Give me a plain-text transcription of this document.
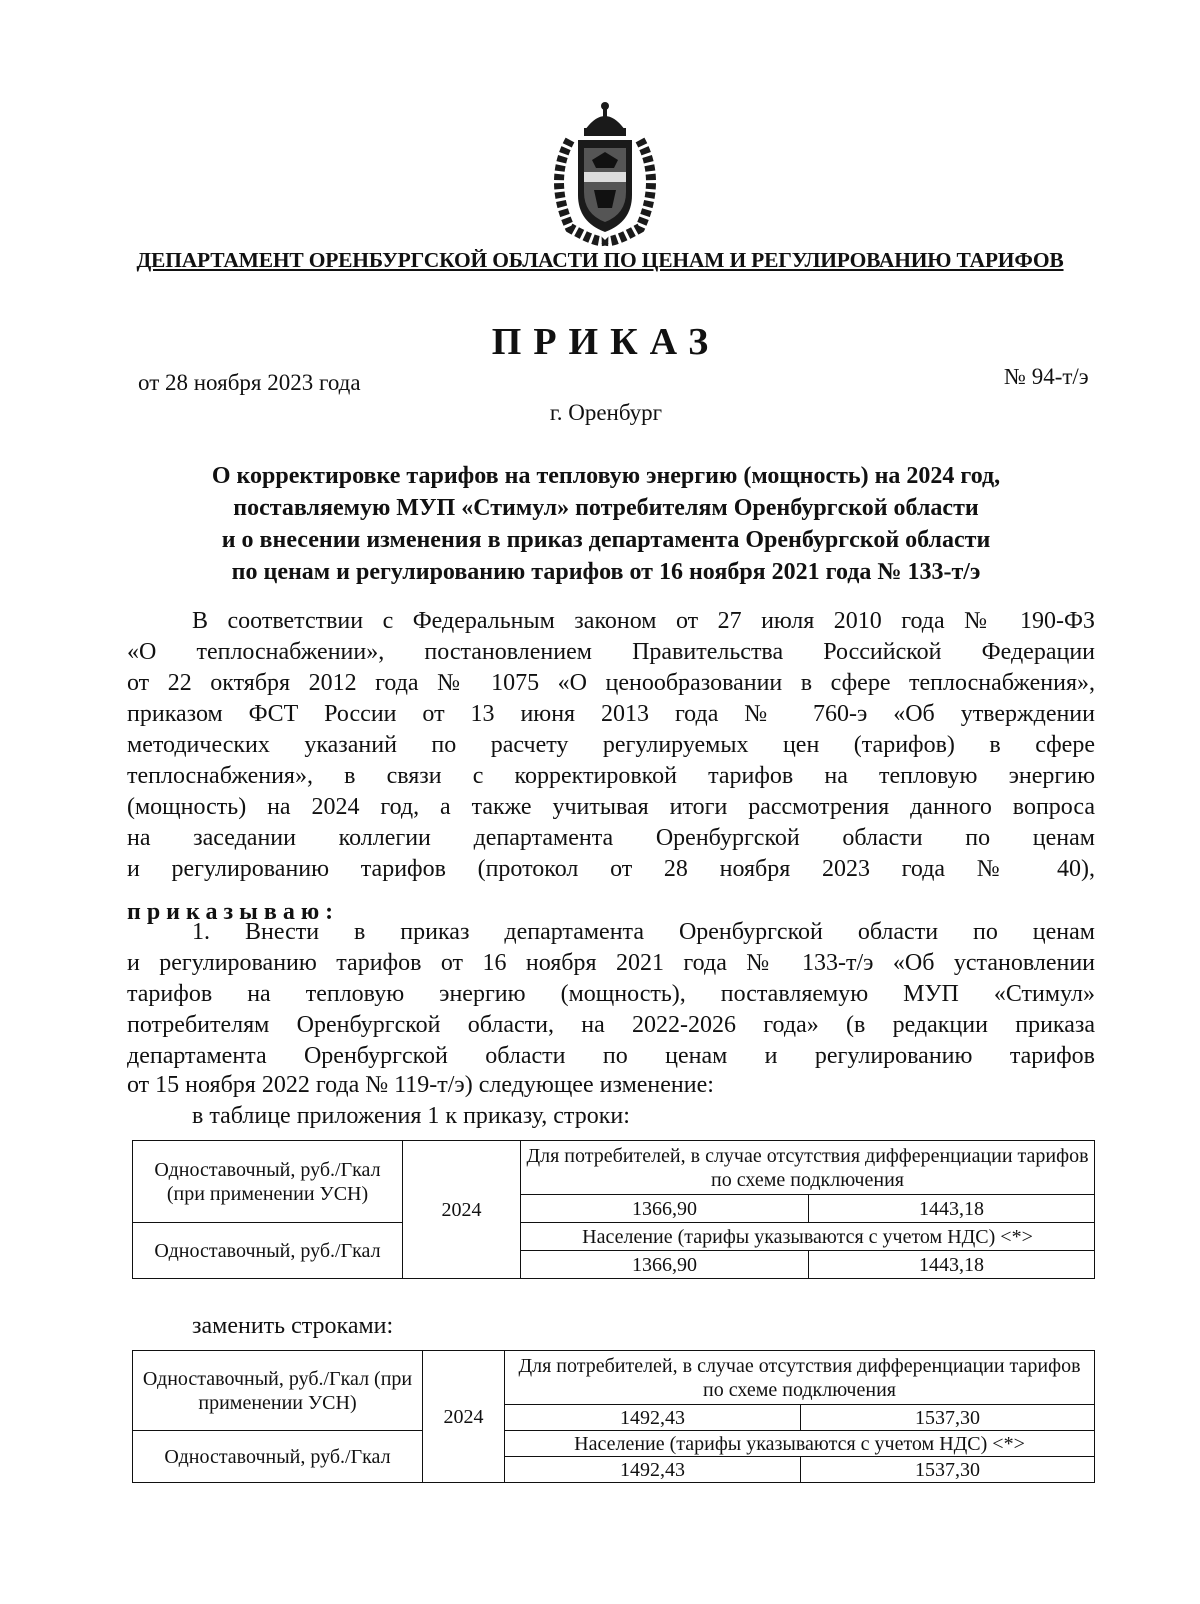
ДЕПАРТАМЕНТ ОРЕНБУРГСКОЙ ОБЛАСТИ ПО ЦЕНАМ И РЕГУЛИРОВАНИЮ ТАРИФОВ
ПРИКАЗ
от 28 ноября 2023 года	№ 94-т/э
г. Оренбург
О корректировке тарифов на тепловую энергию (мощность) на 2024 год,
поставляемую МУП «Стимул» потребителям Оренбургской области
и о внесении изменения в приказ департамента Оренбургской области
по ценам и регулированию тарифов от 16 ноября 2021 года № 133-т/э
В соответствии с Федеральным законом от 27 июля 2010 года № 190-ФЗ
«О теплоснабжении», постановлением Правительства Российской Федерации
от 22 октября 2012 года № 1075 «О ценообразовании в сфере теплоснабжения»,
приказом ФСТ России от 13 июня 2013 года № 760-э «Об утверждении
методических указаний по расчету регулируемых цен (тарифов) в сфере
теплоснабжения», в связи с корректировкой тарифов на тепловую энергию
(мощность) на 2024 год, а также учитывая итоги рассмотрения данного вопроса
на заседании коллегии департамента Оренбургской области по ценам
и регулированию тарифов (протокол от 28 ноября 2023 года № 40),
приказываю:
1. Внести в приказ департамента Оренбургской области по ценам
и регулированию тарифов от 16 ноября 2021 года № 133-т/э «Об установлении
тарифов на тепловую энергию (мощность), поставляемую МУП «Стимул»
потребителям Оренбургской области, на 2022-2026 года» (в редакции приказа
департамента Оренбургской области по ценам и регулированию тарифов
от 15 ноября 2022 года № 119-т/э) следующее изменение:
в таблице приложения 1 к приказу, строки:
Одноставочный, руб./Гкал (при применении УСН)	2024	Для потребителей, в случае отсутствия дифференциации тарифов по схеме подключения	
		1366,90	1443,18
Одноставочный, руб./Гкал		Население (тарифы указываются с учетом НДС) <*>	
		1366,90	1443,18
заменить строками:
Одноставочный, руб./Гкал (при применении УСН)	2024	Для потребителей, в случае отсутствия дифференциации тарифов по схеме подключения	
		1492,43	1537,30
Одноставочный, руб./Гкал		Население (тарифы указываются с учетом НДС) <*>	
		1492,43	1537,30
